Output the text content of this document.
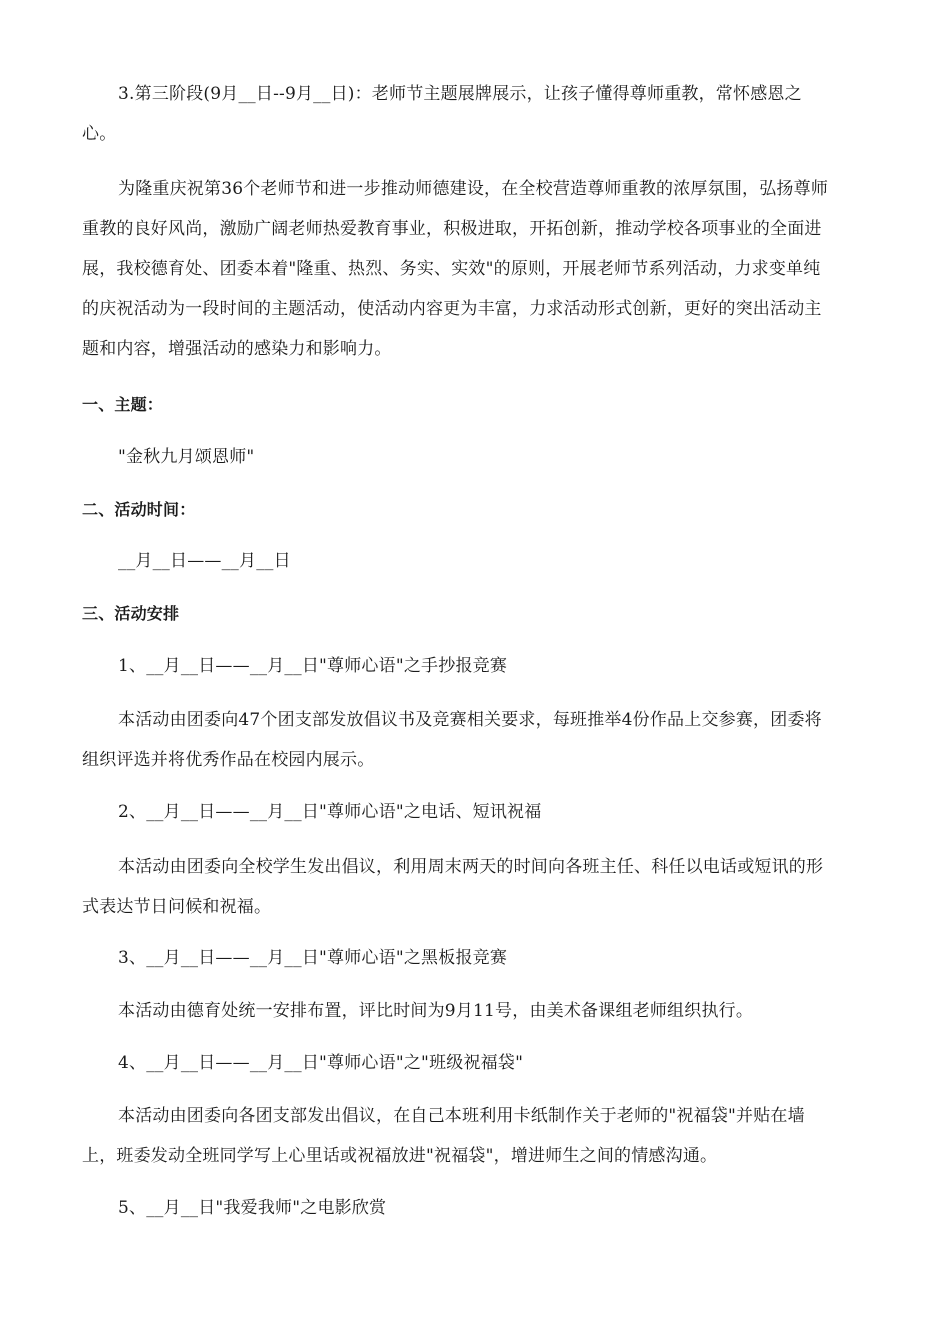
3.第三阶段(9月__日--9月__日)：老师节主题展牌展示，让孩子懂得尊师重教，常怀感恩之
心。
为隆重庆祝第36个老师节和进一步推动师德建设，在全校营造尊师重教的浓厚氛围，弘扬尊师
重教的良好风尚，激励广阔老师热爱教育事业，积极进取，开拓创新，推动学校各项事业的全面进
展，我校德育处、团委本着"隆重、热烈、务实、实效"的原则，开展老师节系列活动，力求变单纯
的庆祝活动为一段时间的主题活动，使活动内容更为丰富，力求活动形式创新，更好的突出活动主
题和内容，增强活动的感染力和影响力。
一、主题：
"金秋九月颂恩师"
二、活动时间：
__月__日——__月__日
三、活动安排
1、__月__日——__月__日"尊师心语"之手抄报竞赛
本活动由团委向47个团支部发放倡议书及竞赛相关要求，每班推举4份作品上交参赛，团委将
组织评选并将优秀作品在校园内展示。
2、__月__日——__月__日"尊师心语"之电话、短讯祝福
本活动由团委向全校学生发出倡议，利用周末两天的时间向各班主任、科任以电话或短讯的形
式表达节日问候和祝福。
3、__月__日——__月__日"尊师心语"之黑板报竞赛
本活动由德育处统一安排布置，评比时间为9月11号，由美术备课组老师组织执行。
4、__月__日——__月__日"尊师心语"之"班级祝福袋"
本活动由团委向各团支部发出倡议，在自己本班利用卡纸制作关于老师的"祝福袋"并贴在墙
上，班委发动全班同学写上心里话或祝福放进"祝福袋"，增进师生之间的情感沟通。
5、__月__日"我爱我师"之电影欣赏
